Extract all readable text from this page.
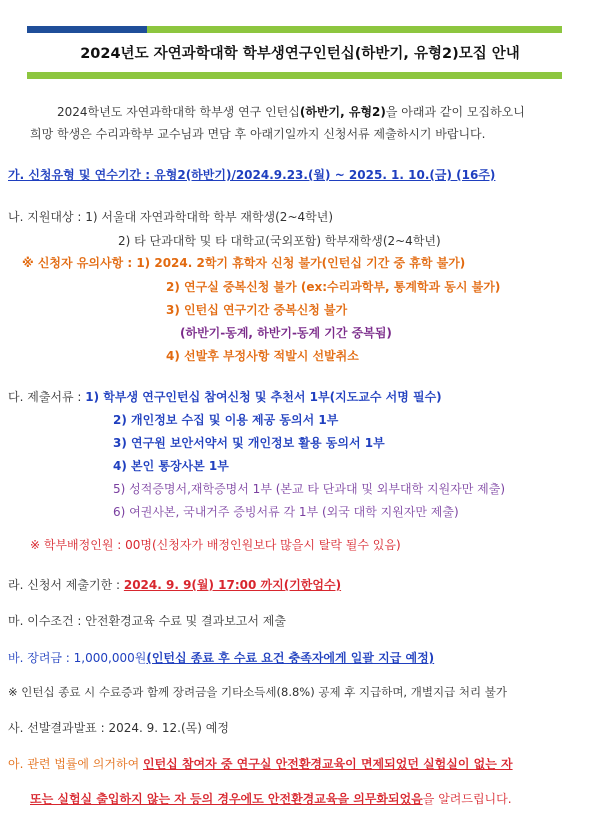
2024년도 자연과학대학 학부생연구인턴십(하반기, 유형2)모집 안내
2024학년도 자연과학대학 학부생 연구 인턴십(하반기, 유형2)을 아래과 같이 모집하오니
희망 학생은 수리과학부 교수님과 면담 후 아래기일까지 신청서류 제출하시기 바랍니다.
가. 신청유형 및 연수기간 : 유형2(하반기)/2024.9.23.(월) ~ 2025. 1. 10.(금) (16주)
나. 지원대상 : 1) 서울대 자연과학대학 학부 재학생(2~4학년)
2) 타 단과대학 및 타 대학교(국외포함) 학부재학생(2~4학년)
※ 신청자 유의사항 : 1) 2024. 2학기 휴학자 신청 불가(인턴십 기간 중 휴학 불가)
2) 연구실 중복신청 불가 (ex:수리과학부, 통계학과 동시 불가)
3) 인턴십 연구기간 중복신청 불가
(하반기-동계, 하반기-동계 기간 중복됨)
4) 선발후 부정사항 적발시 선발취소
다. 제출서류 : 1) 학부생 연구인턴십 참여신청 및 추천서 1부(지도교수 서명 필수)
2) 개인정보 수집 및 이용 제공 동의서 1부
3) 연구원 보안서약서 및 개인정보 활용 동의서 1부
4) 본인 통장사본 1부
5) 성적증명서,재학증명서 1부 (본교 타 단과대 및 외부대학 지원자만 제출)
6) 여권사본, 국내거주 증빙서류 각 1부 (외국 대학 지원자만 제출)
※ 학부배정인원 : 00명(신청자가 배정인원보다 많을시 탈락 될수 있음)
라. 신청서 제출기한 : 2024. 9. 9(월) 17:00 까지(기한엄수)
마. 이수조건 : 안전환경교육 수료 및 결과보고서 제출
바. 장려금 : 1,000,000원(인턴십 종료 후 수료 요건 충족자에게 일괄 지급 예정)
※ 인턴십 종료 시 수료증과 함께 장려금을 기타소득세(8.8%) 공제 후 지급하며, 개별지급 처리 불가
사. 선발결과발표 : 2024. 9. 12.(목) 예정
아. 관련 법률에 의거하여 인턴십 참여자 중 연구실 안전환경교육이 면제되었던 실험실이 없는 자
또는 실험실 출입하지 않는 자 등의 경우에도 안전환경교육을 의무화되었음을 알려드립니다.
